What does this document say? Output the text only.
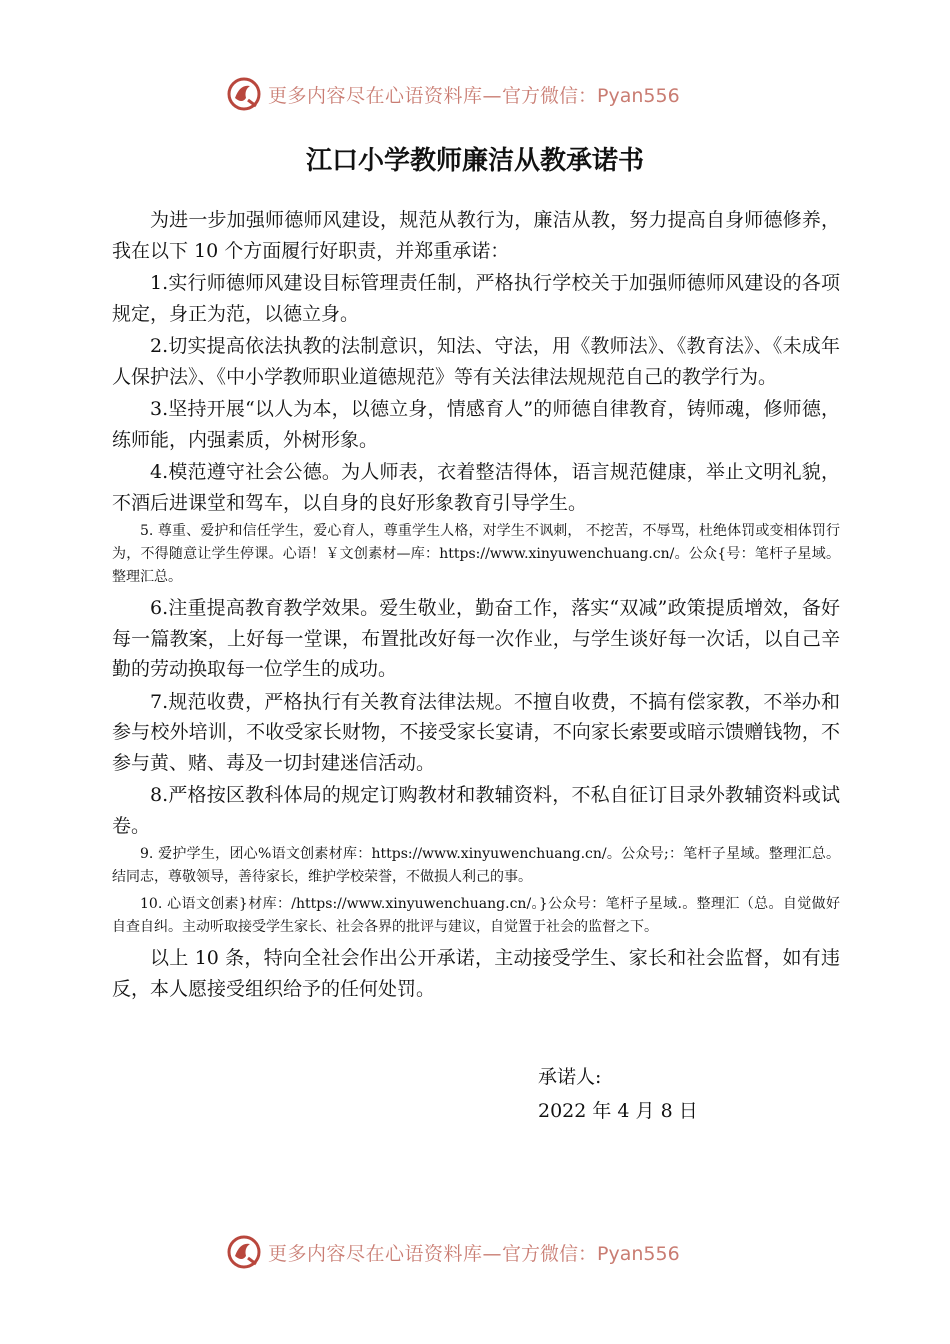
更多内容尽在心语资料库— 官方微信：Pyan556
江口小学教师廉洁从教承诺书

为进一步加强师德师风建设，规范从教行为，廉洁从教，努力提高自身师德修养，我在以下 10 个方面履行好职责，并郑重承诺：

1.实行师德师风建设目标管理责任制，严格执行学校关于加强师德师风建设的各项规定，身正为范，以德立身。

2.切实提高依法执教的法制意识，知法、守法，用《教师法》、《教育法》、《未成年人保护法》、《中小学教师职业道德规范》等有关法律法规规范自己的教学行为。

3.坚持开展“以人为本，以德立身，情感育人”的师德自律教育，铸师魂，修师德，练师能，内强素质，外树形象。

4.模范遵守社会公德。为人师表，衣着整洁得体，语言规范健康，举止文明礼貌，不酒后进课堂和驾车，以自身的良好形象教育引导学生。

5. 尊重、爱护和信任学生，爱心育人，尊重学生人格，对学生不讽刺， 不挖苦，不辱骂，杜绝体罚或变相体罚行为，不得随意让学生停课。心语！￥文创素材—库：https://www.xinyuwenchuang.cn/。公众{号：笔杆子星域。整理汇总。

6.注重提高教育教学效果。爱生敬业，勤奋工作，落实“双减”政策提质增效，备好每一篇教案，上好每一堂课，布置批改好每一次作业，与学生谈好每一次话，以自己辛勤的劳动换取每一位学生的成功。

7.规范收费，严格执行有关教育法律法规。不擅自收费，不搞有偿家教，不举办和参与校外培训，不收受家长财物，不接受家长宴请，不向家长索要或暗示馈赠钱物，不参与黄、赌、毒及一切封建迷信活动。

8.严格按区教科体局的规定订购教材和教辅资料，不私自征订目录外教辅资料或试卷。

9. 爱护学生，团心%语文创素材库：https://www.xinyuwenchuang.cn/。公众号;：笔杆子星域。整理汇总。结同志，尊敬领导，善待家长，维护学校荣誉，不做损人利己的事。

10. 心语文创素}材库：/https://www.xinyuwenchuang.cn/。}公众号：笔杆子星域.。整理汇（总。自觉做好自查自纠。主动听取接受学生家长、社会各界的批评与建议，自觉置于社会的监督之下。

以上 10 条，特向全社会作出公开承诺，主动接受学生、家长和社会监督，如有违反，本人愿接受组织给予的任何处罚。

承诺人:
2022 年 4 月 8 日
更多内容尽在心语资料库— 官方微信：Pyan556
